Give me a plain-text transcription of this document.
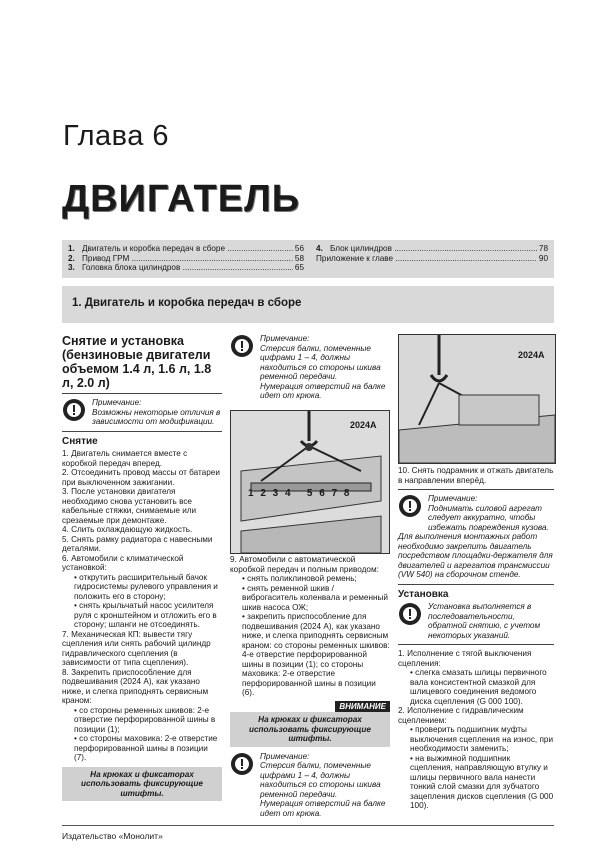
Глава 6
ДВИГАТЕЛЬ
1. Двигатель и коробка передач в сборе .....	56
2. Привод ГРМ .....	58
3. Головка блока цилиндров .....	65
4. Блок цилиндров .....	78
Приложение к главе .....	90
1. Двигатель и коробка передач в сборе

Снятие и установка (бензиновые двигатели объемом 1.4 л, 1.6 л, 1.8 л, 2.0 л)

Примечание:

Возможны некоторые отличия в зависимости от модификации.

Снятие

1. Двигатель снимается вместе с коробкой передач вперед.

2. Отсоединить провод массы от батареи при выключенном зажигании.

3. После установки двигателя необходимо снова установить все кабельные стяжки, снимаемые или срезаемые при демонтаже.

4. Слить охлаждающую жидкость.

5. Снять рамку радиатора с навесными деталями.

6. Автомобили с климатической установкой:

• открутить расширительный бачок гидросистемы рулевого управления и положить его в сторону;

• снять крыльчатый насос усилителя руля с кронштейном и отложить его в сторону; шланги не отсоединять.

7. Механическая КП: вывести тягу сцепления или снять рабочий цилиндр гидравлического сцепления (в зависимости от типа сцепления).

8. Закрепить приспособление для подвешивания (2024 А), как указано ниже, и слегка приподнять сервисным краном:

• со стороны ременных шкивов: 2-е отверстие перфорированной шины в позиции (1);

• со стороны маховика: 2-е отверстие перфорированной шины в позиции (7).

На крюках и фиксаторах использовать фиксирующие штифты.

Примечание:

Стерсия балки, помеченные цифрами 1 – 4, должны находиться со стороны шкива ременной передачи.

Нумерация отверстий на балке идет от крюка.

2024А
1 2 3 4   5 6 7 8

9. Автомобили с автоматической коробкой передач и полным приводом:

• снять поликлиновой ремень;

• снять ременной шкив / виброгаситель коленвала и ременный шкив насоса ОЖ;

• закрепить приспособление для подвешивания (2024 А), как указано ниже, и слегка приподнять сервисным краном: со стороны ременных шкивов: 4-е отверстие перфорированной шины в позиции (1); со стороны маховика: 2-е отверстие перфорированной шины в позиции (6).

ВНИМАНИЕ
На крюках и фиксаторах использовать фиксирующие штифты.

Примечание:

Стерсия балки, помеченные цифрами 1 – 4, должны находиться со стороны шкива ременной передачи.

Нумерация отверстий на балке идет от крюка.

2024А

10. Снять подрамник и отжать двигатель в направлении вперёд.

Примечание:

Поднимать силовой агрегат следует аккуратно, чтобы избежать повреждения кузова.

Для выполнения монтажных работ необходимо закрепить двигатель посредством площадки-держателя для двигателей и агрегатов трансмиссии (VW 540) на сборочном стенде.

Установка

Установка выполняется в последовательности, обратной снятию, с учетом некоторых указаний.

1. Исполнение с тягой выключения сцепления:

• слегка смазать шлицы первичного вала консистентной смазкой для шлицевого соединения ведомого диска сцепления (G 000 100).

2. Исполнение с гидравлическим сцеплением:

• проверить подшипник муфты выключения сцепления на износ, при необходимости заменить;

• на выжимной подшипник сцепления, направляющую втулку и шлицы первичного вала нанести тонкий слой смазки для зубчатого зацепления дисков сцепления (G 000 100).

Издательство «Монолит»
